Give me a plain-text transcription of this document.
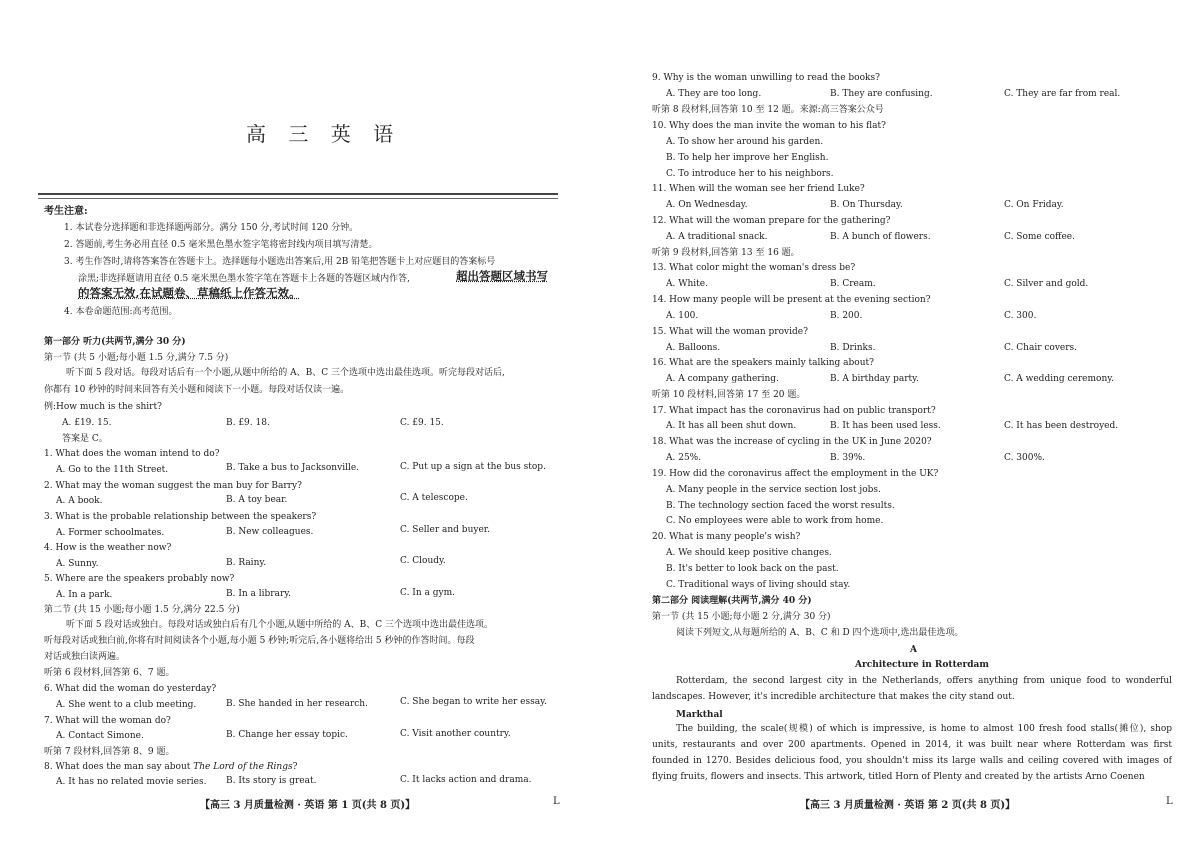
高 三 英 语
考生注意:
1. 本试卷分选择题和非选择题两部分。满分 150 分,考试时间 120 分钟。
2. 答题前,考生务必用直径 0.5 毫米黑色墨水签字笔将密封线内项目填写清楚。
3. 考生作答时,请将答案答在答题卡上。选择题每小题选出答案后,用 2B 铅笔把答题卡上对应题目的答案标号
涂黑;非选择题请用直径 0.5 毫米黑色墨水签字笔在答题卡上各题的答题区域内作答,	超出答题区域书写
的答案无效,在试题卷、草稿纸上作答无效。
4. 本卷命题范围:高考范围。
第一部分 听力(共两节,满分 30 分)
第一节 (共 5 小题;每小题 1.5 分,满分 7.5 分)
听下面 5 段对话。每段对话后有一个小题,从题中所给的 A、B、C 三个选项中选出最佳选项。听完每段对话后,
你都有 10 秒钟的时间来回答有关小题和阅读下一小题。每段对话仅读一遍。
例:How much is the shirt?
A. £19. 15.	B. £9. 18.	C. £9. 15.
答案是 C。
1. What does the woman intend to do?
A. Go to the 11th Street.	B. Take a bus to Jacksonville.	C. Put up a sign at the bus stop.
2. What may the woman suggest the man buy for Barry?
A. A book.	B. A toy bear.	C. A telescope.
3. What is the probable relationship between the speakers?
A. Former schoolmates.	B. New colleagues.	C. Seller and buyer.
4. How is the weather now?
A. Sunny.	B. Rainy.	C. Cloudy.
5. Where are the speakers probably now?
A. In a park.	B. In a library.	C. In a gym.
第二节 (共 15 小题;每小题 1.5 分,满分 22.5 分)
听下面 5 段对话或独白。每段对话或独白后有几个小题,从题中所给的 A、B、C 三个选项中选出最佳选项。
听每段对话或独白前,你将有时间阅读各个小题,每小题 5 秒钟;听完后,各小题将给出 5 秒钟的作答时间。每段
对话或独白读两遍。
听第 6 段材料,回答第 6、7 题。
6. What did the woman do yesterday?
A. She went to a club meeting.	B. She handed in her research.	C. She began to write her essay.
7. What will the woman do?
A. Contact Simone.	B. Change her essay topic.	C. Visit another country.
听第 7 段材料,回答第 8、9 题。
8. What does the man say about The Lord of the Rings?
A. It has no related movie series. B. Its story is great.	C. It lacks action and drama.
【高三 3 月质量检测 · 英语 第 1 页(共 8 页)】	L
9. Why is the woman unwilling to read the books?
A. They are too long.	B. They are confusing.	C. They are far from real.
听第 8 段材料,回答第 10 至 12 题。来源:高三答案公众号
10. Why does the man invite the woman to his flat?
A. To show her around his garden.
B. To help her improve her English.
C. To introduce her to his neighbors.
11. When will the woman see her friend Luke?
A. On Wednesday.	B. On Thursday.	C. On Friday.
12. What will the woman prepare for the gathering?
A. A traditional snack.	B. A bunch of flowers.	C. Some coffee.
听第 9 段材料,回答第 13 至 16 题。
13. What color might the woman's dress be?
A. White.	B. Cream.	C. Silver and gold.
14. How many people will be present at the evening section?
A. 100.	B. 200.	C. 300.
15. What will the woman provide?
A. Balloons.	B. Drinks.	C. Chair covers.
16. What are the speakers mainly talking about?
A. A company gathering.	B. A birthday party.	C. A wedding ceremony.
听第 10 段材料,回答第 17 至 20 题。
17. What impact has the coronavirus had on public transport?
A. It has all been shut down.	B. It has been used less.	C. It has been destroyed.
18. What was the increase of cycling in the UK in June 2020?
A. 25%.	B. 39%.	C. 300%.
19. How did the coronavirus affect the employment in the UK?
A. Many people in the service section lost jobs.
B. The technology section faced the worst results.
C. No employees were able to work from home.
20. What is many people's wish?
A. We should keep positive changes.
B. It's better to look back on the past.
C. Traditional ways of living should stay.
第二部分 阅读理解(共两节,满分 40 分)
第一节 (共 15 小题;每小题 2 分,满分 30 分)
阅读下列短文,从每题所给的 A、B、C 和 D 四个选项中,选出最佳选项。
A
Architecture in Rotterdam
Rotterdam, the second largest city in the Netherlands, offers anything from unique food to wonderful landscapes. However, it's incredible architecture that makes the city stand out.
Markthal
The building, the scale(规模) of which is impressive, is home to almost 100 fresh food stalls(摊位), shop units, restaurants and over 200 apartments. Opened in 2014, it was built near where Rotterdam was first founded in 1270. Besides delicious food, you shouldn't miss its large walls and ceiling covered with images of flying fruits, flowers and insects. This artwork, titled Horn of Plenty and created by the artists Arno Coenen
【高三 3 月质量检测 · 英语 第 2 页(共 8 页)】	L
